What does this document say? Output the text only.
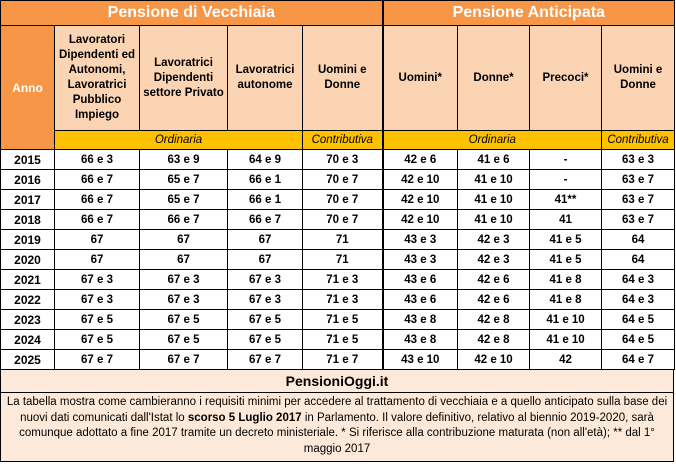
Pensione di Vecchiaia					Pensione Anticipata			
Anno	Lavoratori Dipendenti ed Autonomi, Lavoratrici Pubblico Impiego	Lavoratrici Dipendenti settore Privato	Lavoratrici autonome	Uomini e Donne	Uomini*	Donne*	Precoci*	Uomini e Donne
	Ordinaria			Contributiva	Ordinaria			Contributiva
2015	66 e 3	63 e 9	64 e 9	70 e 3	42 e 6	41 e 6	-	63 e 3
2016	66 e 7	65 e 7	66 e 1	70 e 7	42 e 10	41 e 10	-	63 e 7
2017	66 e 7	65 e 7	66 e 1	70 e 7	42 e 10	41 e 10	41**	63 e 7
2018	66 e 7	66 e 7	66 e 7	70 e 7	42 e 10	41 e 10	41	63 e 7
2019	67	67	67	71	43 e 3	42 e 3	41 e 5	64
2020	67	67	67	71	43 e 3	42 e 3	41 e 5	64
2021	67 e 3	67 e 3	67 e 3	71 e 3	43 e 6	42 e 6	41 e 8	64 e 3
2022	67 e 3	67 e 3	67 e 3	71 e 3	43 e 6	42 e 6	41 e 8	64 e 3
2023	67 e 5	67 e 5	67 e 5	71 e 5	43 e 8	42 e 8	41 e 10	64 e 5
2024	67 e 5	67 e 5	67 e 5	71 e 5	43 e 8	42 e 8	41 e 10	64 e 5
2025	67 e 7	67 e 7	67 e 7	71 e 7	43 e 10	42 e 10	42	64 e 7
PensioniOggi.it
La tabella mostra come cambieranno i requisiti minimi per accedere al trattamento di vecchiaia e a quello anticipato sulla base dei nuovi dati comunicati dall'Istat lo scorso 5 Luglio 2017 in Parlamento. Il valore definitivo, relativo al biennio 2019-2020, sarà comunque adottato a fine 2017 tramite un decreto ministeriale. * Si riferisce alla contribuzione maturata (non all'età); ** dal 1° maggio 2017
